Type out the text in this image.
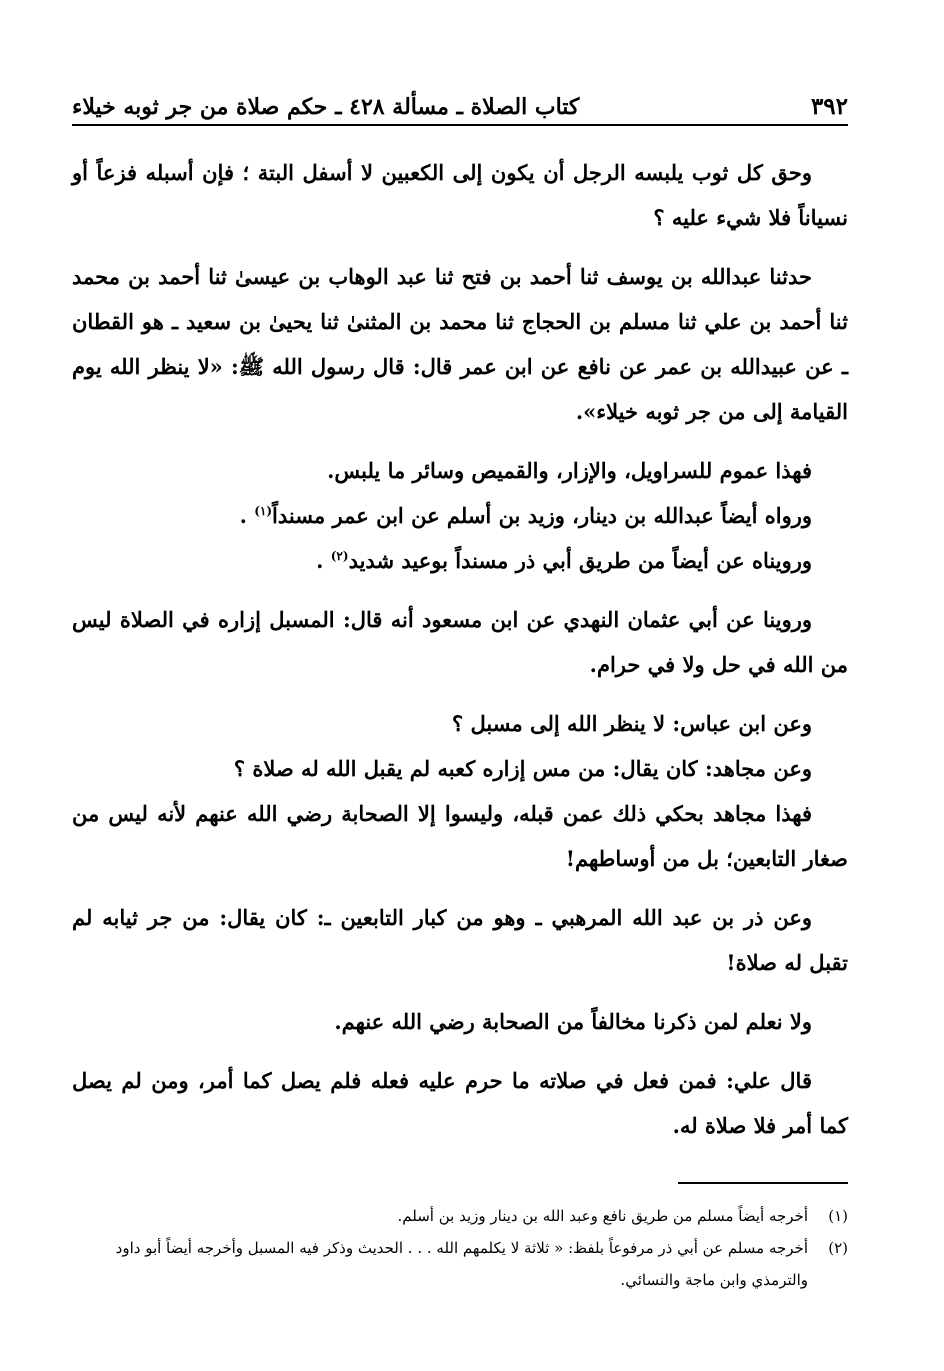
٣٩٢
كتاب الصلاة ـ مسألة ٤٢٨ ـ حكم صلاة من جر ثوبه خيلاء

وحق كل ثوب يلبسه الرجل أن يكون إلى الكعبين لا أسفل البتة ؛ فإن أسبله فزعاً أو نسياناً فلا شيء عليه ؟

حدثنا عبدالله بن يوسف ثنا أحمد بن فتح ثنا عبد الوهاب بن عيسىٰ ثنا أحمد بن محمد ثنا أحمد بن علي ثنا مسلم بن الحجاج ثنا محمد بن المثنىٰ ثنا يحيىٰ بن سعيد ـ هو القطان ـ عن عبيدالله بن عمر عن نافع عن ابن عمر قال: قال رسول الله ﷺ: «لا ينظر الله يوم القيامة إلى من جر ثوبه خيلاء».

فهذا عموم للسراويل، والإزار، والقميص وسائر ما يلبس.

ورواه أيضاً عبدالله بن دينار، وزيد بن أسلم عن ابن عمر مسنداً$^{(١)}$ .

ورويناه عن أيضاً من طريق أبي ذر مسنداً بوعيد شديد$^{(٢)}$ .

وروينا عن أبي عثمان النهدي عن ابن مسعود أنه قال: المسبل إزاره في الصلاة ليس من الله في حل ولا في حرام.

وعن ابن عباس: لا ينظر الله إلى مسبل ؟

وعن مجاهد: كان يقال: من مس إزاره كعبه لم يقبل الله له صلاة ؟

فهذا مجاهد بحكي ذلك عمن قبله، وليسوا إلا الصحابة رضي الله عنهم لأنه ليس من صغار التابعين؛ بل من أوساطهم!

وعن ذر بن عبد الله المرهبي ـ وهو من كبار التابعين ـ: كان يقال: من جر ثيابه لم تقبل له صلاة!

ولا نعلم لمن ذكرنا مخالفاً من الصحابة رضي الله عنهم.

قال علي: فمن فعل في صلاته ما حرم عليه فعله فلم يصل كما أمر، ومن لم يصل كما أمر فلا صلاة له.

(١)
أخرجه أيضاً مسلم من طريق نافع وعبد الله بن دينار وزيد بن أسلم.

(٢)
أخرجه مسلم عن أبي ذر مرفوعاً بلفظ: « ثلاثة لا يكلمهم الله . . . الحديث وذكر فيه المسبل وأخرجه أيضاً أبو داود والترمذي وابن ماجة والنسائي.
